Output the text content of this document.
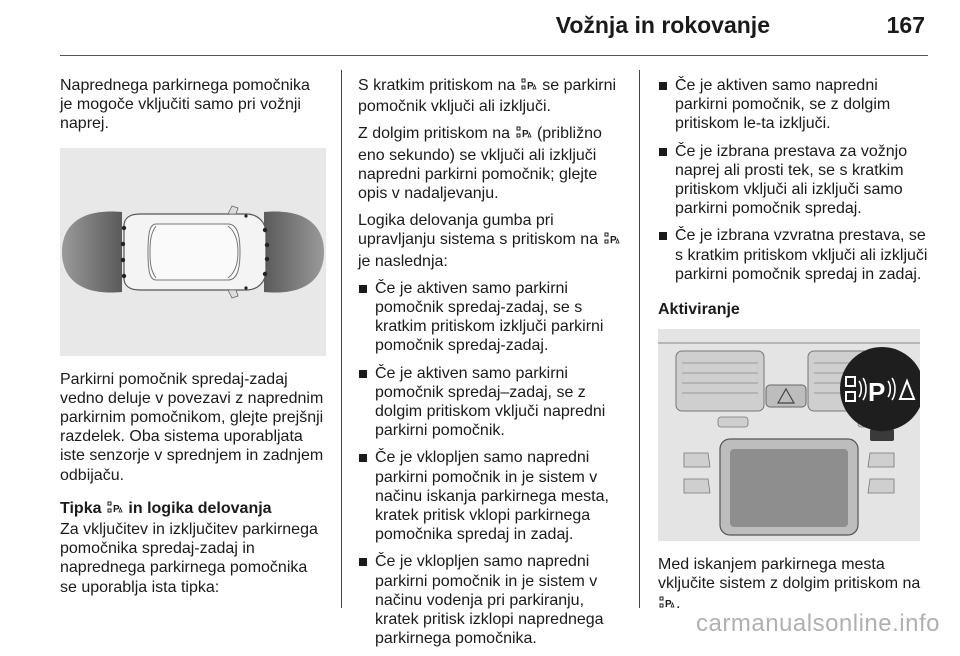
Vožnja in rokovanje	167

Naprednega parkirnega pomočnika je mogoče vključiti samo pri vožnji naprej.

Parkirni pomočnik spredaj-zadaj vedno deluje v povezavi z naprednim parkirnim pomočnikom, glejte prejšnji razdelek. Oba sistema uporabljata iste senzorje v sprednjem in zadnjem odbijaču.

Tipka P in logika delovanja

Za vključitev in izključitev parkirnega pomočnika spredaj-zadaj in naprednega parkirnega pomočnika se uporablja ista tipka:

S kratkim pritiskom na P se parkirni pomočnik vključi ali izključi.

Z dolgim pritiskom na P (približno eno sekundo) se vključi ali izključi napredni parkirni pomočnik; glejte opis v nadaljevanju.

Logika delovanja gumba pri upravljanju sistema s pritiskom na P
je naslednja:

Če je aktiven samo parkirni pomočnik spredaj-zadaj, se s kratkim pritiskom izključi parkirni pomočnik spredaj-zadaj.
Če je aktiven samo parkirni pomočnik spredaj–zadaj, se z dolgim pritiskom vključi napredni parkirni pomočnik.
Če je vklopljen samo napredni parkirni pomočnik in je sistem v načinu iskanja parkirnega mesta, kratek pritisk vklopi parkirnega pomočnika spredaj in zadaj.
Če je vklopljen samo napredni parkirni pomočnik in je sistem v načinu vodenja pri parkiranju, kratek pritisk izklopi naprednega parkirnega pomočnika.
Če je aktiven samo napredni parkirni pomočnik, se z dolgim pritiskom le-ta izključi.
Če je izbrana prestava za vožnjo naprej ali prosti tek, se s kratkim pritiskom vključi ali izključi samo parkirni pomočnik spredaj.
Če je izbrana vzvratna prestava, se s kratkim pritiskom vključi ali izključi parkirni pomočnik spredaj in zadaj.

Aktiviranje

P

Med iskanjem parkirnega mesta vključite sistem z dolgim pritiskom na
P .

carmanualsonline.info
